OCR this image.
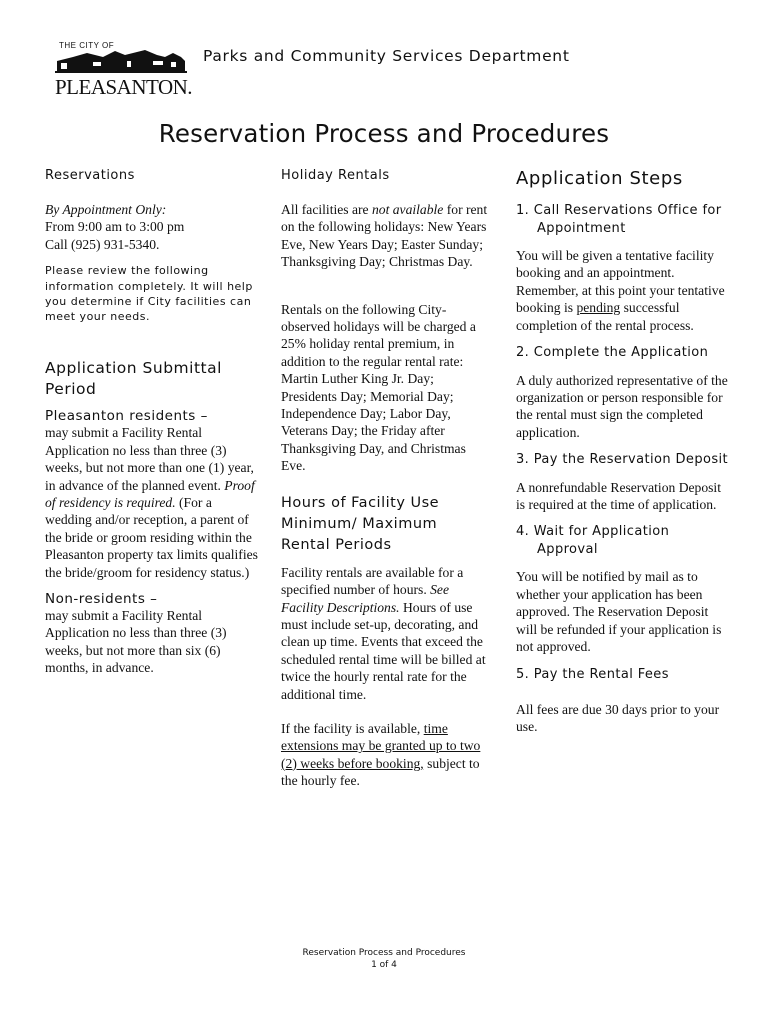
THE CITY OF
PLEASANTON.
Parks and Community Services Department
Reservation Process and Procedures

Reservations

By Appointment Only:

From 9:00 am to 3:00 pm

Call (925) 931-5340.

Please review the following information completely. It will help you determine if City facilities can meet your needs.

Application Submittal Period

Pleasanton residents –

may submit a Facility Rental Application no less than three (3) weeks, but not more than one (1) year, in advance of the planned event. Proof of residency is required. (For a wedding and/or reception, a parent of the bride or groom residing within the Pleasanton property tax limits qualifies the bride/groom for residency status.)

Non-residents –

may submit a Facility Rental Application no less than three (3) weeks, but not more than six (6) months, in advance.

Holiday Rentals

All facilities are not available for rent on the following holidays: New Years Eve, New Years Day; Easter Sunday; Thanksgiving Day; Christmas Day.

Rentals on the following City-observed holidays will be charged a 25% holiday rental premium, in addition to the regular rental rate: Martin Luther King Jr. Day; Presidents Day; Memorial Day; Independence Day; Labor Day, Veterans Day; the Friday after Thanksgiving Day, and Christmas Eve.

Hours of Facility Use Minimum/ Maximum Rental Periods

Facility rentals are available for a specified number of hours. See Facility Descriptions. Hours of use must include set-up, decorating, and clean up time. Events that exceed the scheduled rental time will be billed at twice the hourly rental rate for the additional time.

If the facility is available, time extensions may be granted up to two (2) weeks before booking, subject to the hourly fee.

Application Steps

1. Call Reservations Office for Appointment

You will be given a tentative facility booking and an appointment. Remember, at this point your tentative booking is pending successful completion of the rental process.

2. Complete the Application

A duly authorized representative of the organization or person responsible for the rental must sign the completed application.

3. Pay the Reservation Deposit

A nonrefundable Reservation Deposit is required at the time of application.

4. Wait for Application Approval

You will be notified by mail as to whether your application has been approved. The Reservation Deposit will be refunded if your application is not approved.

5. Pay the Rental Fees

All fees are due 30 days prior to your use.

Reservation Process and Procedures
1 of 4
